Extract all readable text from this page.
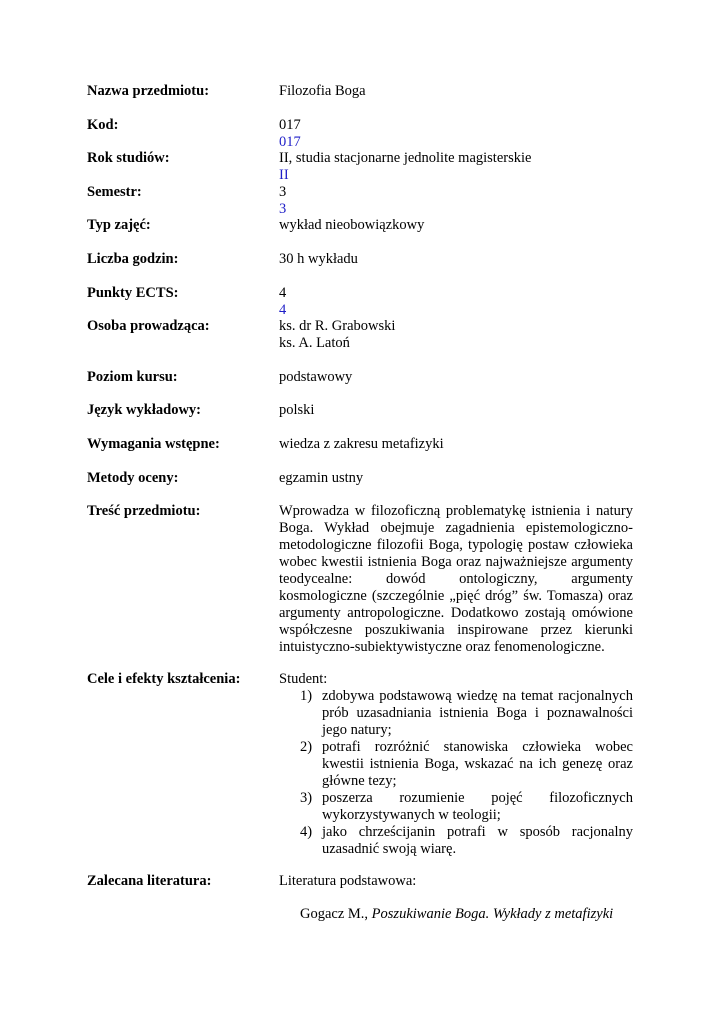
Nazwa przedmiotu:	Filozofia Boga
Kod:	017
017
Rok studiów:	II, studia stacjonarne jednolite magisterskie
II
Semestr:	3
3
Typ zajęć:	wykład nieobowiązkowy
Liczba godzin:	30 h wykładu
Punkty ECTS:	4
4
Osoba prowadząca:	ks. dr R. Grabowski
ks. A. Latoń
Poziom kursu:	podstawowy
Język wykładowy:	polski
Wymagania wstępne:	wiedza z zakresu metafizyki
Metody oceny:	egzamin ustny
Treść przedmiotu:	Wprowadza w filozoficzną problematykę istnienia i natury Boga. Wykład obejmuje zagadnienia epistemologiczno-metodologiczne filozofii Boga, typologię postaw człowieka wobec kwestii istnienia Boga oraz najważniejsze argumenty teodycealne: dowód ontologiczny, argumenty kosmologiczne (szczególnie „pięć dróg” św. Tomasza) oraz argumenty antropologiczne. Dodatkowo zostają omówione współczesne poszukiwania inspirowane przez kierunki intuistyczno-subiektywistyczne oraz fenomenologiczne.
Cele i efekty kształcenia:	Student:
1) zdobywa podstawową wiedzę na temat racjonalnych prób uzasadniania istnienia Boga i poznawalności jego natury;
2) potrafi rozróżnić stanowiska człowieka wobec kwestii istnienia Boga, wskazać na ich genezę oraz główne tezy;
3) poszerza rozumienie pojęć filozoficznych wykorzystywanych w teologii;
4) jako chrześcijanin potrafi w sposób racjonalny uzasadnić swoją wiarę.
Zalecana literatura:	Literatura podstawowa:
Gogacz M., Poszukiwanie Boga. Wykłady z metafizyki
